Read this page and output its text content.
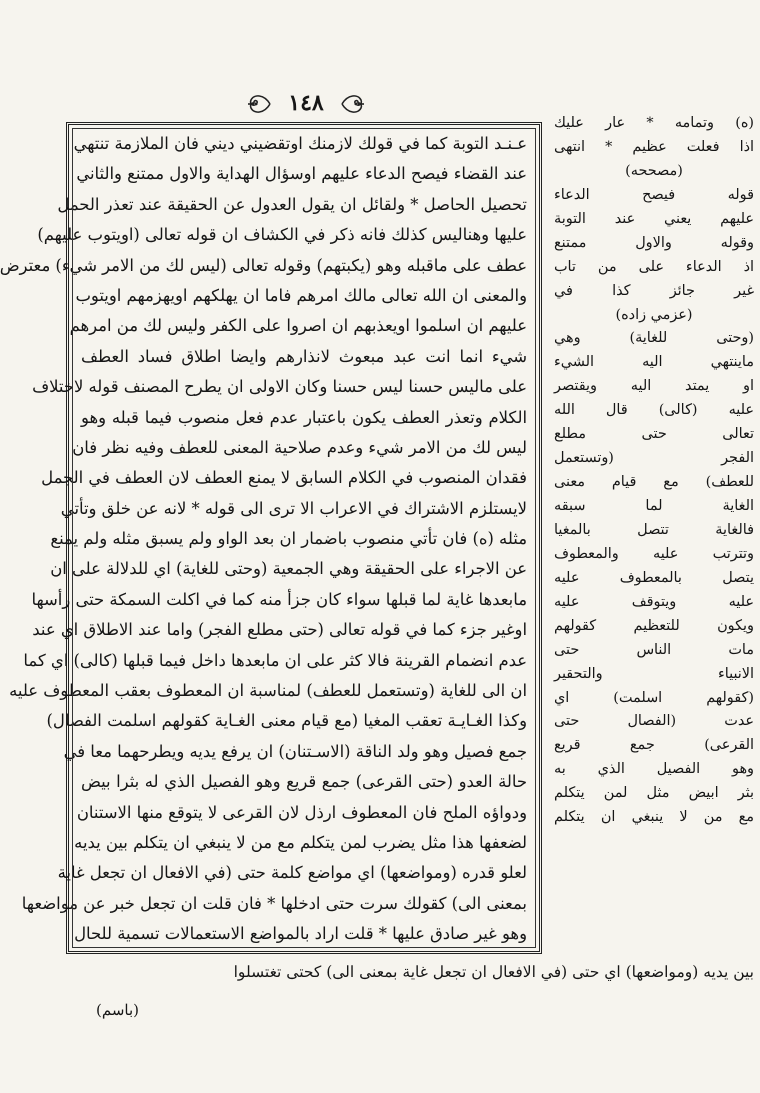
١٤٨
عـنـد التوبة كما في قولك لازمنك اوتقضيني ديني فان الملازمة تنتهي
عند القضاء فيصح الدعاء عليهم اوسؤال الهداية والاول ممتنع والثاني
تحصيل الحاصل * ولقائل ان يقول العدول عن الحقيقة عند تعذر الحمل
عليها وهناليس كذلك فانه ذكر في الكشاف ان قوله تعالى (اويتوب عليهم)
عطف على ماقبله وهو (يكبتهم) وقوله تعالى (ليس لك من الامر شيء) معترض
والمعنى ان الله تعالى مالك امرهم فاما ان يهلكهم اويهزمهم اويتوب
عليهم ان اسلموا اويعذبهم ان اصروا على الكفر وليس لك من امرهم
شيء انما انت عبد مبعوث لانذارهم وايضا اطلاق فساد العطف
على ماليس حسنا ليس حسنا وكان الاولى ان يطرح المصنف قوله لاختلاف
الكلام وتعذر العطف يكون باعتبار عدم فعل منصوب فيما قبله وهو
ليس لك من الامر شيء وعدم صلاحية المعنى للعطف وفيه نظر فان
فقدان المنصوب في الكلام السابق لا يمنع العطف لان العطف في الجمل
لايستلزم الاشتراك في الاعراب الا ترى الى قوله * لانه عن خلق وتأتي
مثله (ه) فان تأتي منصوب باضمار ان بعد الواو ولم يسبق مثله ولم يمنع
عن الاجراء على الحقيقة وهي الجمعية (وحتى للغاية) اي للدلالة على ان
مابعدها غاية لما قبلها سواء كان جزأ منه كما في اكلت السمكة حتى رأسها
اوغير جزء كما في قوله تعالى (حتى مطلع الفجر) واما عند الاطلاق اي عند
عدم انضمام القرينة فالا كثر على ان مابعدها داخل فيما قبلها (كالى) اي كما
ان الى للغاية (وتستعمل للعطف) لمناسبة ان المعطوف بعقب المعطوف عليه
وكذا الغـايـة تعقب المغيا (مع قيام معنى الغـاية كقولهم اسلمت الفصال)
جمع فصيل وهو ولد الناقة (الاسـتنان) ان يرفع يديه ويطرحهما معا في
حالة العدو (حتى القرعى) جمع قريع وهو الفصيل الذي له بثرا بيض
ودواؤه الملح فان المعطوف ارذل لان القرعى لا يتوقع منها الاستنان
لضعفها هذا مثل يضرب لمن يتكلم مع من لا ينبغي ان يتكلم بين يديه
لعلو قدره (ومواضعها) اي مواضع كلمة حتى (في الافعال ان تجعل غاية
بمعنى الى) كقولك سرت حتى ادخلها * فان قلت ان تجعل خبر عن مواضعها
وهو غير صادق عليها * قلت اراد بالمواضع الاستعمالات تسمية للحال
(ه) وتمامه * عار عليك
اذا فعلت عظيم * انتهى
(مصححه)
قوله فيصح الدعاء
عليهم يعني عند التوبة
وقوله والاول ممتنع
اذ الدعاء على من تاب
غير جائز كذا في
(عزمي زاده)
(وحتى للغاية) وهي
ماينتهي اليه الشيء
او يمتد اليه ويقتصر
عليه (كالى) قال الله
تعالى حتى مطلع
الفجر (وتستعمل
للعطف) مع قيام معنى
الغاية لما سبقه
فالغاية تتصل بالمغيا
وتترتب عليه والمعطوف
يتصل بالمعطوف عليه
عليه ويتوقف عليه
ويكون للتعظيم كقولهم
مات الناس حتى
الانبياء والتحقير
(كقولهم اسلمت) اي
عدت (الفصال حتى
القرعى) جمع قريع
وهو الفصيل الذي به
بثر ابيض مثل لمن يتكلم
مع من لا ينبغي ان يتكلم
بين يديه (ومواضعها) اي حتى (في الافعال ان تجعل غاية بمعنى الى) كحتى تغتسلوا
(باسم)
